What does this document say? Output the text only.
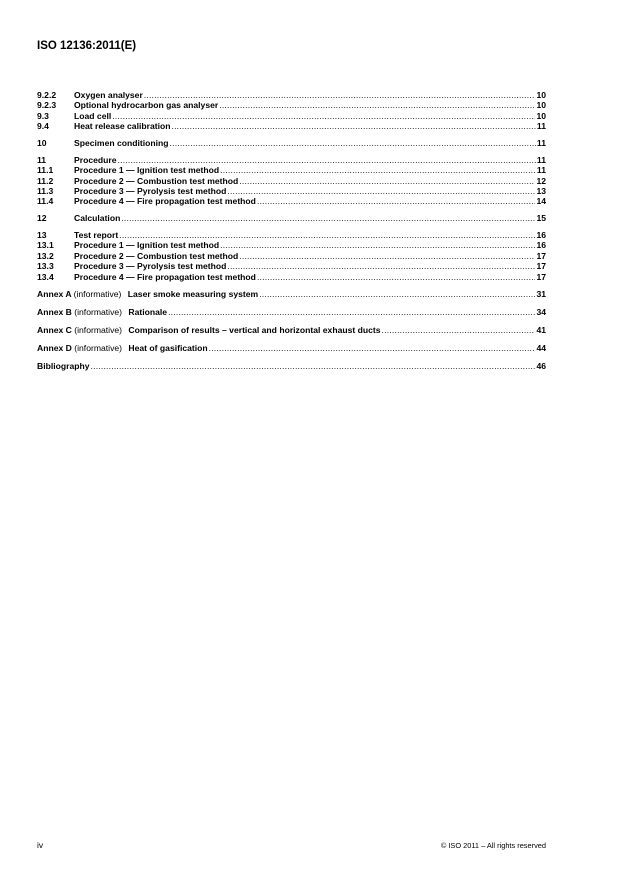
ISO 12136:2011(E)
9.2.2	Oxygen analyser .....	10
9.2.3	Optional hydrocarbon gas analyser .....	10
9.3	Load cell .....	10
9.4	Heat release calibration .....	11
10	Specimen conditioning .....	11
11	Procedure .....	11
11.1	Procedure 1 — Ignition test method .....	11
11.2	Procedure 2 — Combustion test method .....	12
11.3	Procedure 3 — Pyrolysis test method .....	13
11.4	Procedure 4 — Fire propagation test method .....	14
12	Calculation .....	15
13	Test report .....	16
13.1	Procedure 1 — Ignition test method .....	16
13.2	Procedure 2 — Combustion test method .....	17
13.3	Procedure 3 — Pyrolysis test method .....	17
13.4	Procedure 4 — Fire propagation test method .....	17
Annex A (informative) Laser smoke measuring system .....	31
Annex B (informative) Rationale .....	34
Annex C (informative) Comparison of results – vertical and horizontal exhaust ducts .....	41
Annex D (informative) Heat of gasification .....	44
Bibliography .....	46
iv	© ISO 2011 – All rights reserved
